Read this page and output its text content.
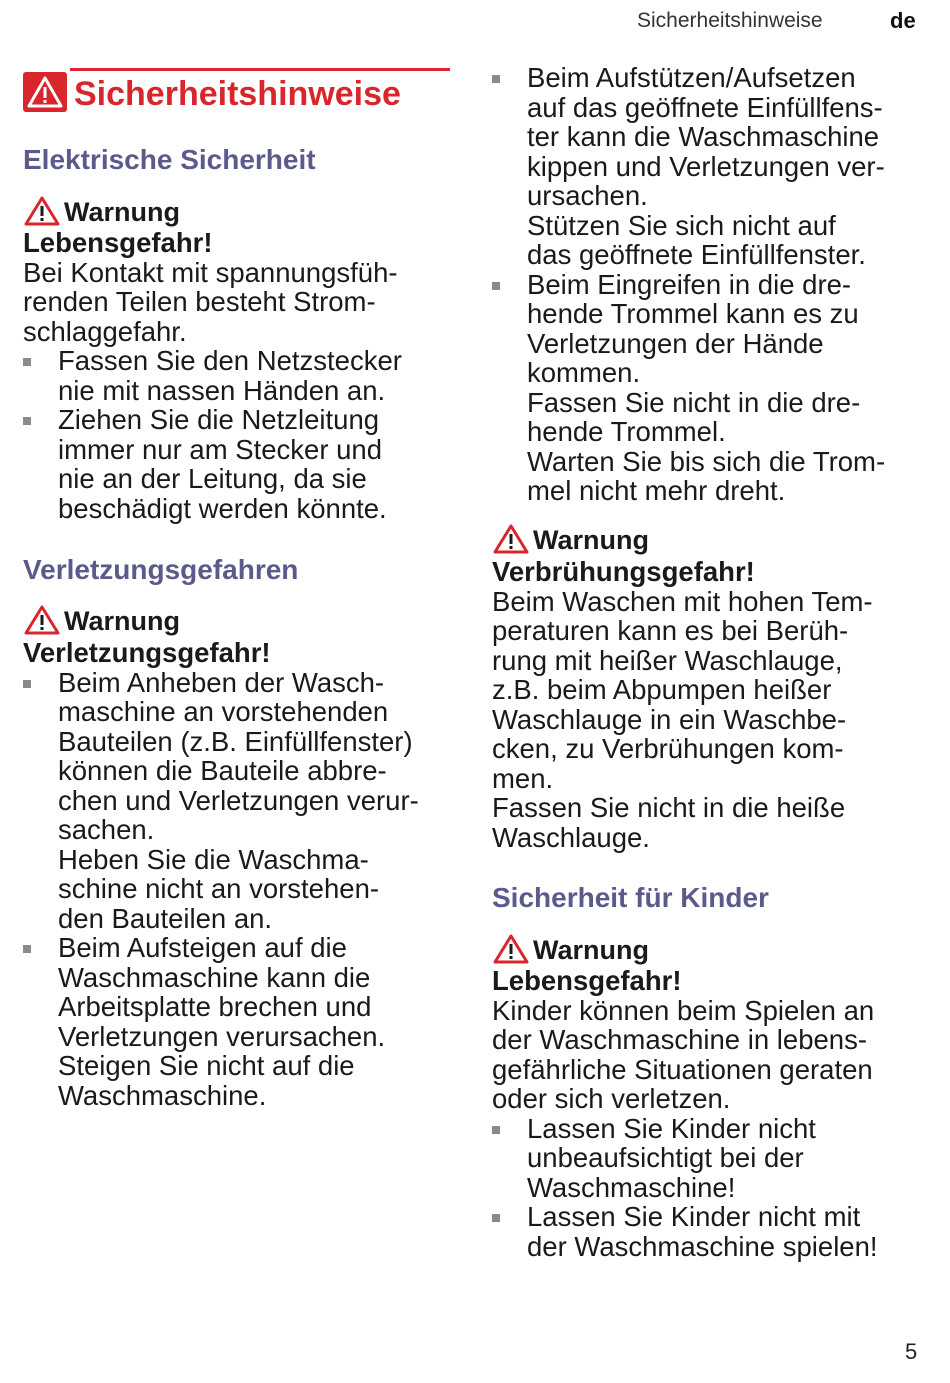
Sicherheitshinweise	de
Sicherheitshinweise
Elektrische Sicherheit
Warnung
Lebensgefahr!
Bei Kontakt mit spannungsfüh-
renden Teilen besteht Strom-
schlaggefahr.
Fassen Sie den Netzstecker
nie mit nassen Händen an.
Ziehen Sie die Netzleitung
immer nur am Stecker und
nie an der Leitung, da sie
beschädigt werden könnte.
Verletzungsgefahren
Warnung
Verletzungsgefahr!
Beim Anheben der Wasch-
maschine an vorstehenden
Bauteilen (z.B. Einfüllfenster)
können die Bauteile abbre-
chen und Verletzungen verur-
sachen.
Heben Sie die Waschma-
schine nicht an vorstehen-
den Bauteilen an.
Beim Aufsteigen auf die
Waschmaschine kann die
Arbeitsplatte brechen und
Verletzungen verursachen.
Steigen Sie nicht auf die
Waschmaschine.
Beim Aufstützen/Aufsetzen
auf das geöffnete Einfüllfens-
ter kann die Waschmaschine
kippen und Verletzungen ver-
ursachen.
Stützen Sie sich nicht auf
das geöffnete Einfüllfenster.
Beim Eingreifen in die dre-
hende Trommel kann es zu
Verletzungen der Hände
kommen.
Fassen Sie nicht in die dre-
hende Trommel.
Warten Sie bis sich die Trom-
mel nicht mehr dreht.
Warnung
Verbrühungsgefahr!
Beim Waschen mit hohen Tem-
peraturen kann es bei Berüh-
rung mit heißer Waschlauge,
z.B. beim Abpumpen heißer
Waschlauge in ein Waschbe-
cken, zu Verbrühungen kom-
men.
Fassen Sie nicht in die heiße
Waschlauge.
Sicherheit für Kinder
Warnung
Lebensgefahr!
Kinder können beim Spielen an
der Waschmaschine in lebens-
gefährliche Situationen geraten
oder sich verletzen.
Lassen Sie Kinder nicht
unbeaufsichtigt bei der
Waschmaschine!
Lassen Sie Kinder nicht mit
der Waschmaschine spielen!
5
